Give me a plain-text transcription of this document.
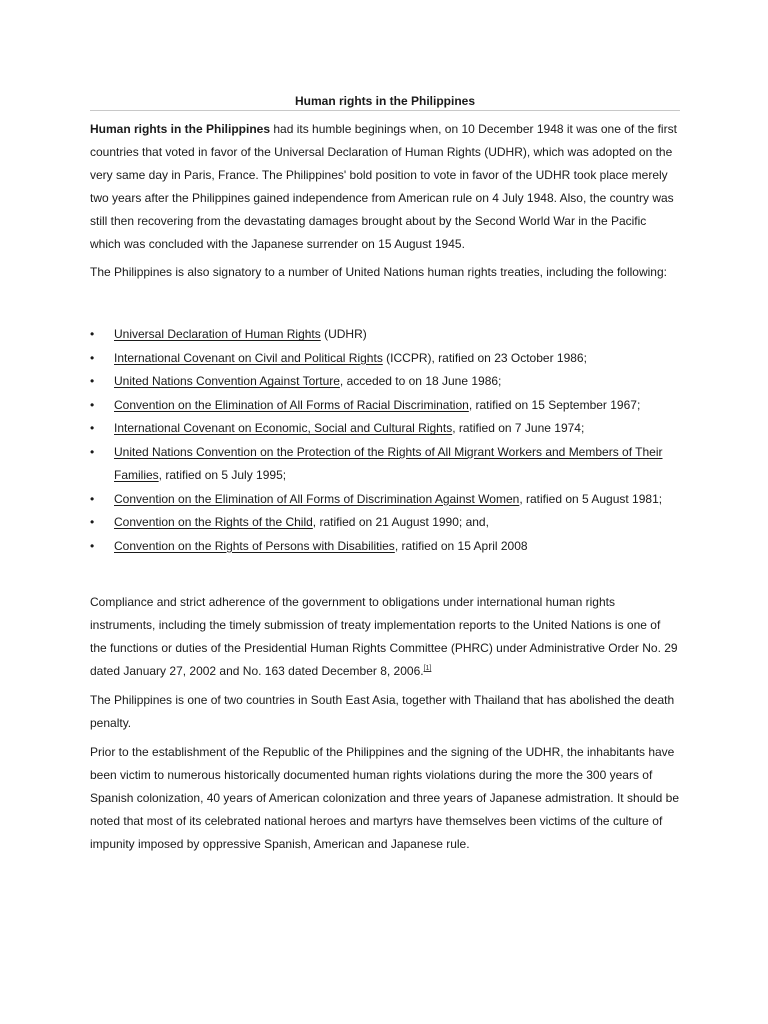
Human rights in the Philippines

Human rights in the Philippines had its humble beginings when, on 10 December 1948 it was one of the first countries that voted in favor of the Universal Declaration of Human Rights (UDHR), which was adopted on the very same day in Paris, France. The Philippines' bold position to vote in favor of the UDHR took place merely two years after the Philippines gained independence from American rule on 4 July 1948. Also, the country was still then recovering from the devastating damages brought about by the Second World War in the Pacific which was concluded with the Japanese surrender on 15 August 1945.

The Philippines is also signatory to a number of United Nations human rights treaties, including the following:

•	Universal Declaration of Human Rights (UDHR)
•	International Covenant on Civil and Political Rights (ICCPR), ratified on 23 October 1986;
•	United Nations Convention Against Torture, acceded to on 18 June 1986;
•	Convention on the Elimination of All Forms of Racial Discrimination, ratified on 15 September 1967;
•	International Covenant on Economic, Social and Cultural Rights, ratified on 7 June 1974;
•	United Nations Convention on the Protection of the Rights of All Migrant Workers and Members of Their Families, ratified on 5 July 1995;
•	Convention on the Elimination of All Forms of Discrimination Against Women, ratified on 5 August 1981;
•	Convention on the Rights of the Child, ratified on 21 August 1990; and,
•	Convention on the Rights of Persons with Disabilities, ratified on 15 April 2008

Compliance and strict adherence of the government to obligations under international human rights instruments, including the timely submission of treaty implementation reports to the United Nations is one of the functions or duties of the Presidential Human Rights Committee (PHRC) under Administrative Order No. 29 dated January 27, 2002 and No. 163 dated December 8, 2006.[1]

The Philippines is one of two countries in South East Asia, together with Thailand that has abolished the death penalty.

Prior to the establishment of the Republic of the Philippines and the signing of the UDHR, the inhabitants have been victim to numerous historically documented human rights violations during the more the 300 years of Spanish colonization, 40 years of American colonization and three years of Japanese admistration. It should be noted that most of its celebrated national heroes and martyrs have themselves been victims of the culture of impunity imposed by oppressive Spanish, American and Japanese rule.
